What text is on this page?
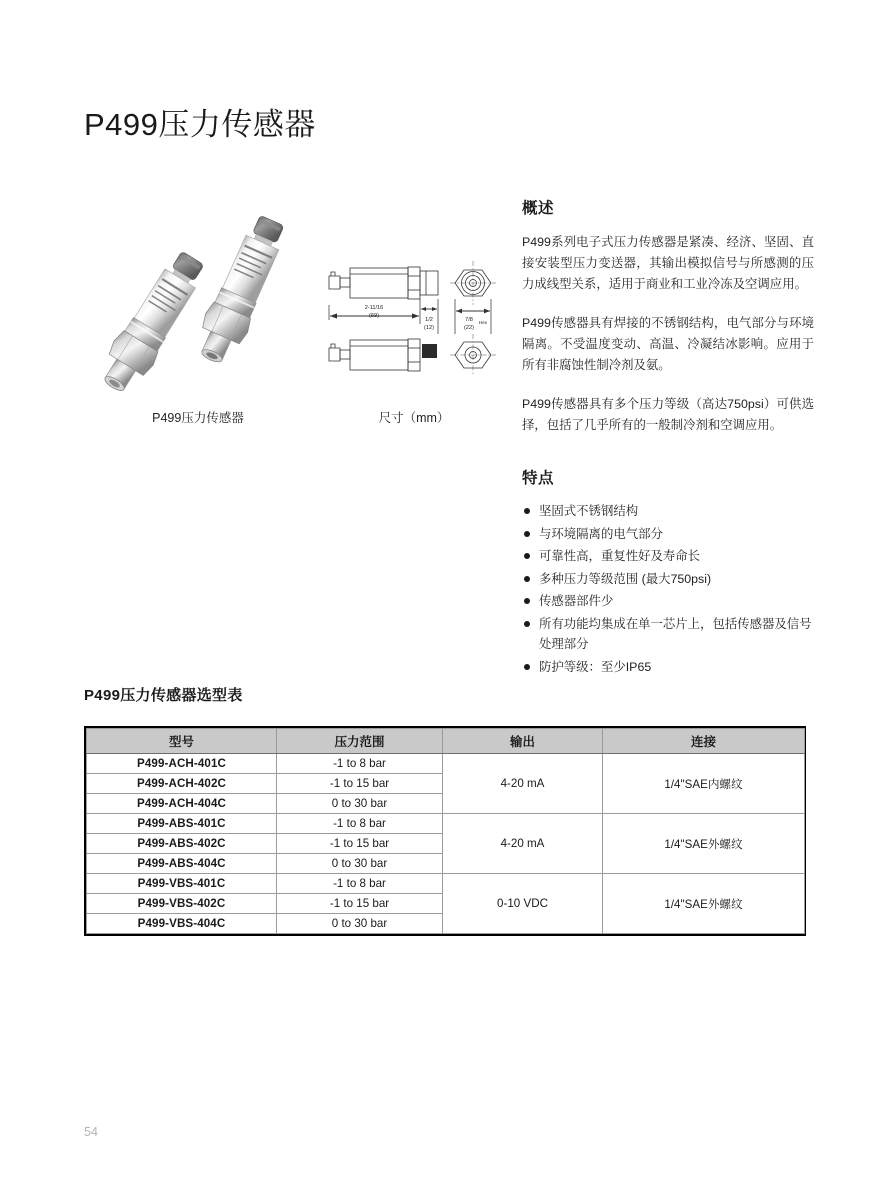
P499压力传感器
P499压力传感器
2-11/16
(69)
1/2
(12)
7/8 Hex
(22)
尺寸（mm）
概述

P499系列电子式压力传感器是紧凑、经济、坚固、直接安装型压力变送器，其输出模拟信号与所感测的压力成线型关系，适用于商业和工业冷冻及空调应用。

P499传感器具有焊接的不锈钢结构，电气部分与环境隔离。不受温度变动、高温、冷凝结冰影响。应用于所有非腐蚀性制冷剂及氨。

P499传感器具有多个压力等级（高达750psi）可供选择，包括了几乎所有的一般制冷剂和空调应用。

特点
坚固式不锈钢结构
与环境隔离的电气部分
可靠性高，重复性好及寿命长
多种压力等级范围 (最大750psi)
传感器部件少
所有功能均集成在单一芯片上，包括传感器及信号处理部分
防护等级：至少IP65
P499压力传感器选型表
型号	压力范围	输出	连接
P499-ACH-401C	-1 to 8 bar	4-20 mA	1/4"SAE内螺纹
P499-ACH-402C	-1 to 15 bar		
P499-ACH-404C	0 to 30 bar		
P499-ABS-401C	-1 to 8 bar	4-20 mA	1/4"SAE外螺纹
P499-ABS-402C	-1 to 15 bar		
P499-ABS-404C	0 to 30 bar		
P499-VBS-401C	-1 to 8 bar	0-10 VDC	1/4"SAE外螺纹
P499-VBS-402C	-1 to 15 bar		
P499-VBS-404C	0 to 30 bar		
54
